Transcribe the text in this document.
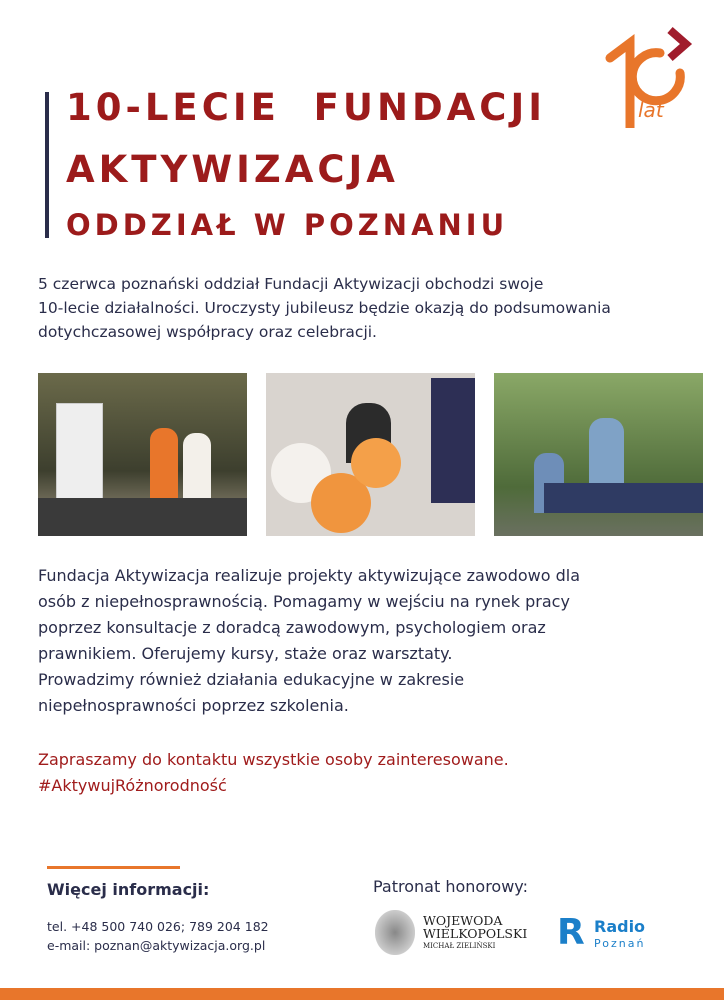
lat
10-LECIE  FUNDACJI
AKTYWIZACJA
ODDZIAŁ W POZNANIU
5 czerwca poznański oddział Fundacji Aktywizacji obchodzi swoje
10-lecie działalności. Uroczysty jubileusz będzie okazją do podsumowania
dotychczasowej współpracy oraz celebracji.
Fundacja Aktywizacja realizuje projekty aktywizujące zawodowo dla
osób z niepełnosprawnością. Pomagamy w wejściu na rynek pracy
poprzez konsultacje z doradcą zawodowym, psychologiem oraz
prawnikiem. Oferujemy kursy, staże oraz warsztaty.
Prowadzimy również działania edukacyjne w zakresie
niepełnosprawności poprzez szkolenia.
Zapraszamy do kontaktu wszystkie osoby zainteresowane.
#AktywujRóżnorodność
Więcej informacji:
tel. +48 500 740 026; 789 204 182
e-mail: poznan@aktywizacja.org.pl
Patronat honorowy:
WOJEWODA
WIELKOPOLSKI
MICHAŁ ZIELIŃSKI	R Radio
Poznań
